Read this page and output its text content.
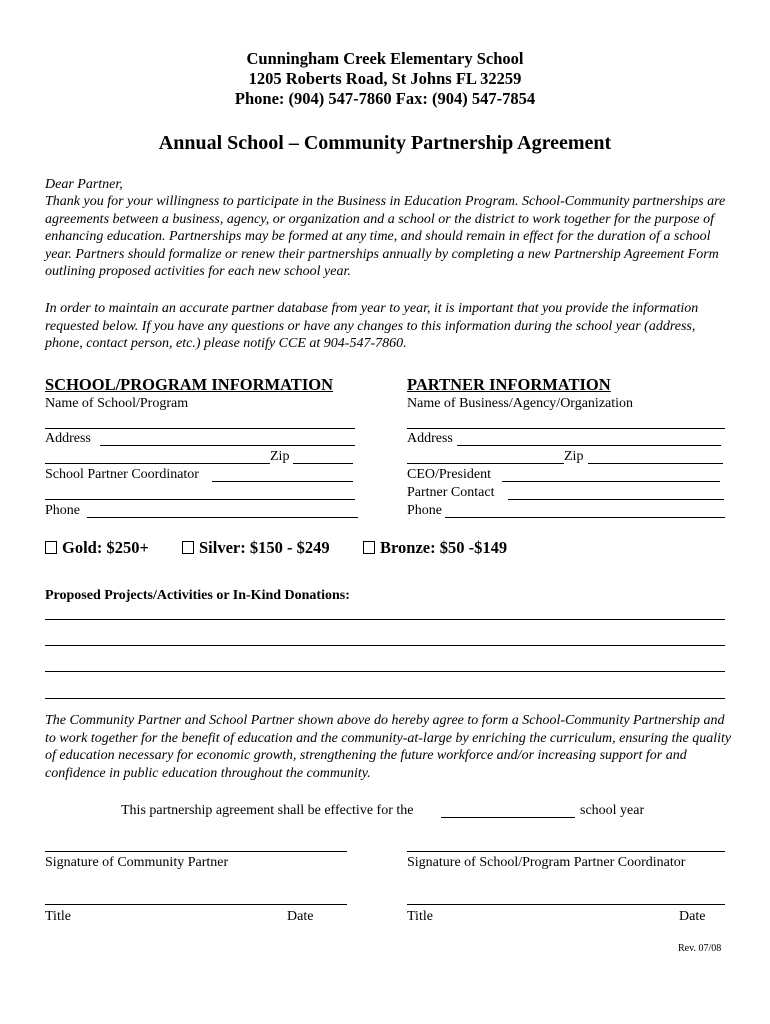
Cunningham Creek Elementary School
1205 Roberts Road, St Johns FL 32259
Phone: (904) 547-7860 Fax: (904) 547-7854
Annual School – Community Partnership Agreement
Dear Partner,
Thank you for your willingness to participate in the Business in Education Program. School-Community partnerships are agreements between a business, agency, or organization and a school or the district to work together for the purpose of enhancing education. Partnerships may be formed at any time, and should remain in effect for the duration of a school year. Partners should formalize or renew their partnerships annually by completing a new Partnership Agreement Form outlining proposed activities for each new school year.
In order to maintain an accurate partner database from year to year, it is important that you provide the information requested below. If you have any questions or have any changes to this information during the school year (address, phone, contact person, etc.) please notify CCE at 904-547-7860.
SCHOOL/PROGRAM INFORMATION	PARTNER INFORMATION
Name of School/Program
Address
Zip
School Partner Coordinator
Phone
Name of Business/Agency/Organization
Address
Zip
CEO/President
Partner Contact
Phone
Gold: $250+	Silver: $150 - $249	Bronze: $50 -$149
Proposed Projects/Activities or In-Kind Donations:
The Community Partner and School Partner shown above do hereby agree to form a School-Community Partnership and to work together for the benefit of education and the community-at-large by enriching the curriculum, ensuring the quality of education necessary for economic growth, strengthening the future workforce and/or increasing support for and confidence in public education throughout the community.
This partnership agreement shall be effective for the	school year
Signature of Community Partner	Signature of School/Program Partner Coordinator
Title	Date	Title	Date
Rev. 07/08
